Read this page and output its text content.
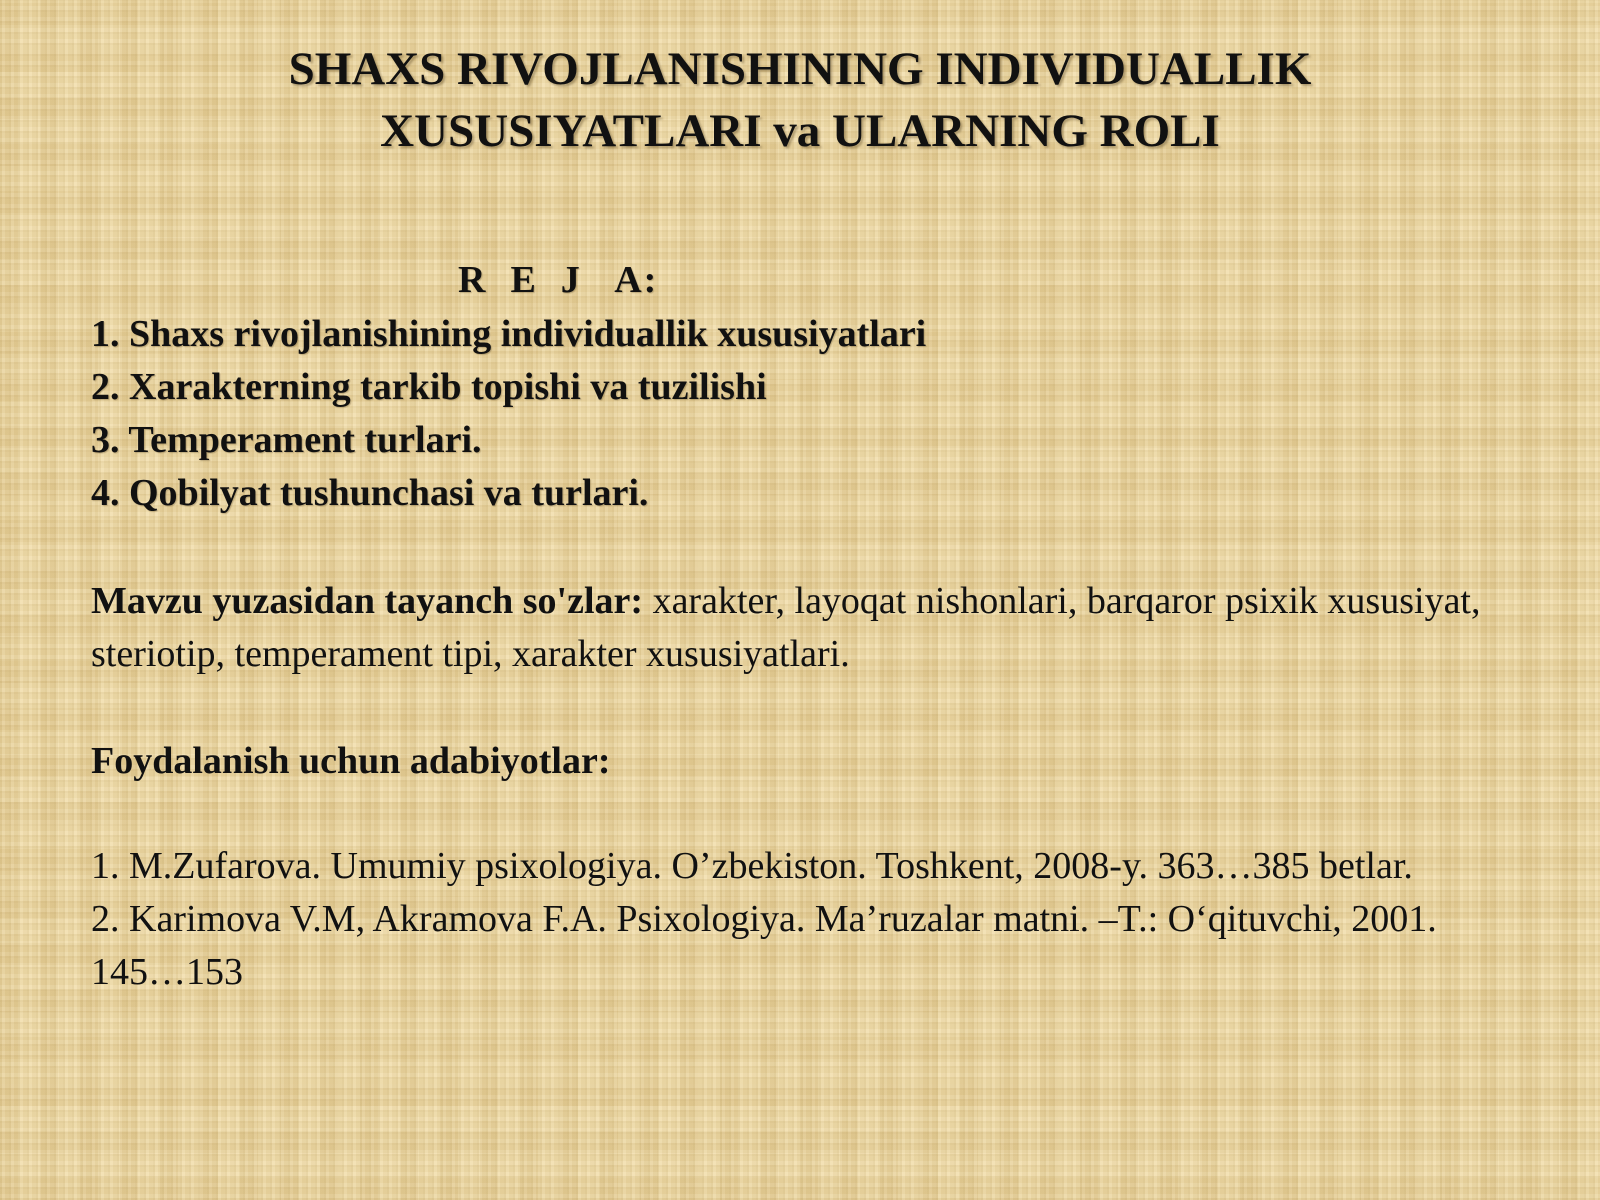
SHAXS RIVOJLANISHINING INDIVIDUALLIK
XUSUSIYATLARI va ULARNING ROLI
R  E  J   A:
1. Shaxs rivojlanishining individuallik xususiyatlari
2. Xarakterning tarkib topishi va tuzilishi
3. Temperament turlari.
4. Qobilyat tushunchasi va turlari.
Mavzu yuzasidan tayanch so'zlar: xarakter, layoqat nishonlari, barqaror psixik xususiyat, steriotip, temperament tipi, xarakter xususiyatlari.
Foydalanish uchun adabiyotlar:

1. M.Zufarova. Umumiy psixologiya. O’zbekiston. Toshkent, 2008-y. 363…385 betlar.

2. Karimova V.M, Akramova F.A. Psixologiya. Ma’ruzalar matni. –T.: O‘qituvchi, 2001. 145…153
